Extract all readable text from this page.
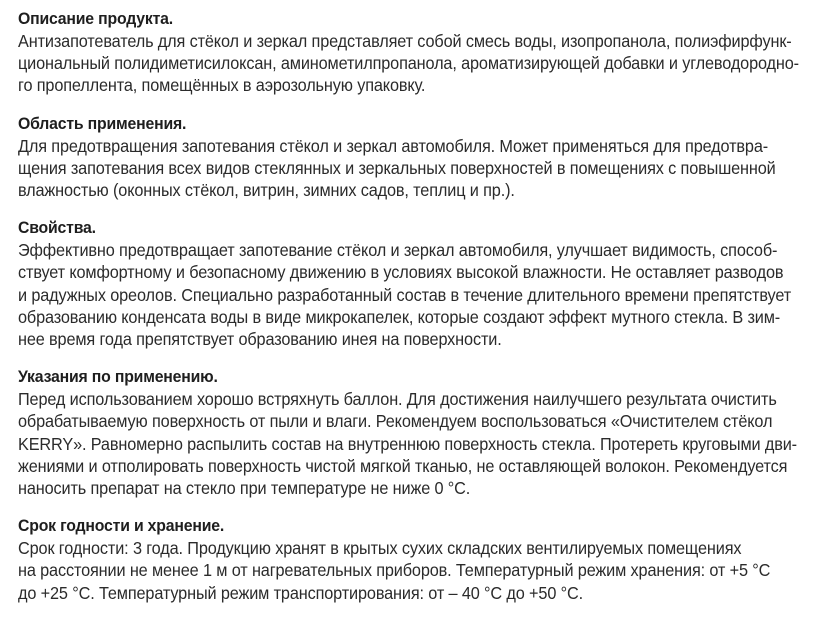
Описание продукта.
Антизапотеватель для стёкол и зеркал представляет собой смесь воды, изопропанола, полиэфирфунк-
циональный полидиметисилоксан, аминометилпропанола, ароматизирующей добавки и углеводородно-
го пропеллента, помещённых в аэрозольную упаковку.
Область применения.
Для предотвращения запотевания стёкол и зеркал автомобиля. Может применяться для предотвра-
щения запотевания всех видов стеклянных и зеркальных поверхностей в помещениях с повышенной
влажностью (оконных стёкол, витрин, зимних садов, теплиц и пр.).
Свойства.
Эффективно предотвращает запотевание стёкол и зеркал автомобиля, улучшает видимость, способ-
ствует комфортному и безопасному движению в условиях высокой влажности. Не оставляет разводов
и радужных ореолов. Специально разработанный состав в течение длительного времени препятствует
образованию конденсата воды в виде микрокапелек, которые создают эффект мутного стекла. В зим-
нее время года препятствует образованию инея на поверхности.
Указания по применению.
Перед использованием хорошо встряхнуть баллон. Для достижения наилучшего результата очистить
обрабатываемую поверхность от пыли и влаги. Рекомендуем воспользоваться «Очистителем стёкол
KERRY». Равномерно распылить состав на внутреннюю поверхность стекла. Протереть круговыми дви-
жениями и отполировать поверхность чистой мягкой тканью, не оставляющей волокон. Рекомендуется
наносить препарат на стекло при температуре не ниже 0 °С.
Срок годности и хранение.
Срок годности: 3 года. Продукцию хранят в крытых сухих складских вентилируемых помещениях
на расстоянии не менее 1 м от нагревательных приборов. Температурный режим хранения: от +5 °С
до +25 °С. Температурный режим транспортирования: от – 40 °С до +50 °С.
